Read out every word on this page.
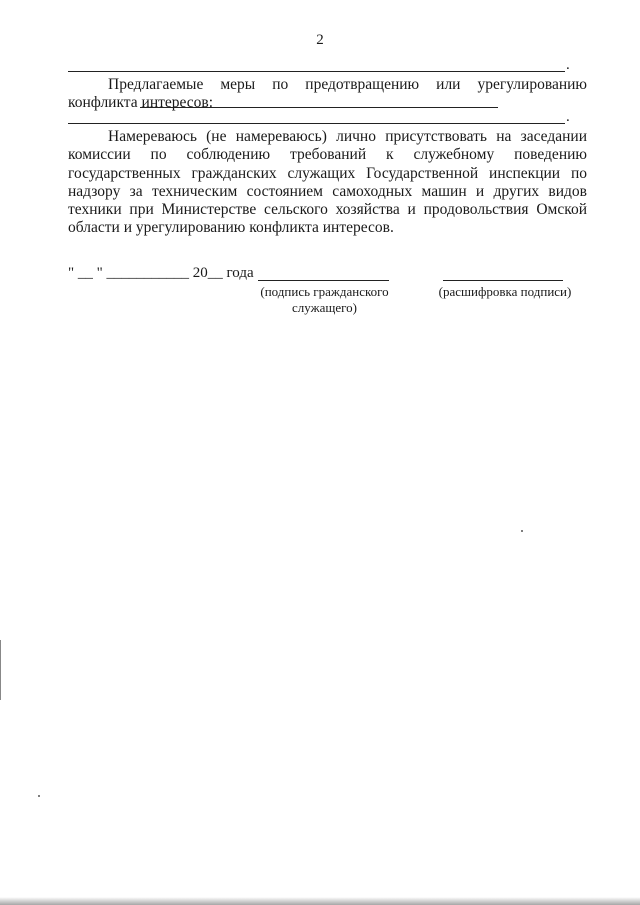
2
.
Предлагаемые меры по предотвращению или урегулированию конфликта интересов:
.
Намереваюсь (не намереваюсь) лично присутствовать на заседании комиссии по соблюдению требований к служебному поведению государственных гражданских служащих Государственной инспекции по надзору за техническим состоянием самоходных машин и других видов техники при Министерстве сельского хозяйства и продовольствия Омской области и урегулированию конфликта интересов.
" __ " ___________ 20__ года
(подпись гражданского служащего)
(расшифровка подписи)
